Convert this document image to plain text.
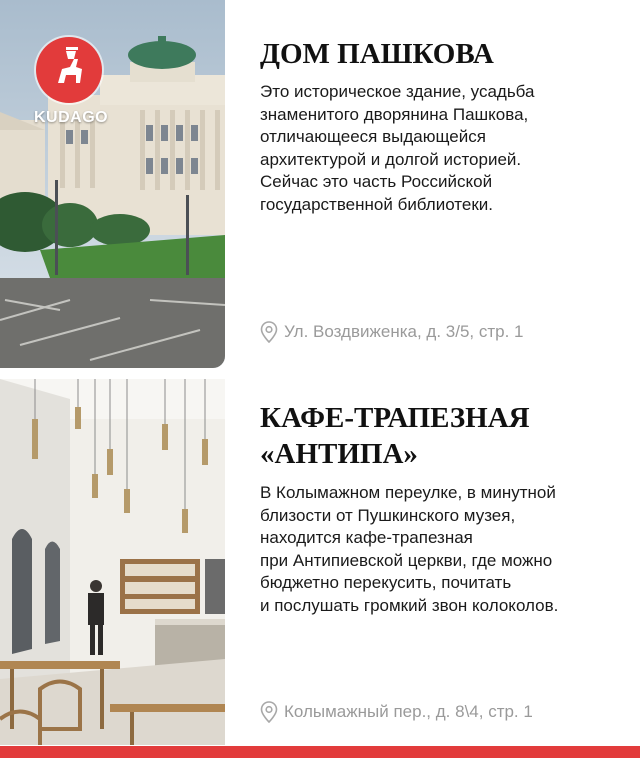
KUDAGO
ДОМ ПАШКОВА

Это историческое здание, усадьба
знаменитого дворянина Пашкова,
отличающееся выдающейся
архитектурой и долгой историей.
Сейчас это часть Российской
государственной библиотеки.

Ул. Воздвиженка, д. 3/5, стр. 1
КАФЕ-ТРАПЕЗНАЯ
«АНТИПА»

В Колымажном переулке, в минутной
близости от Пушкинского музея,
находится кафе-трапезная
при Антипиевской церкви, где можно
бюджетно перекусить, почитать
и послушать громкий звон колоколов.

Колымажный пер., д. 8\4, стр. 1
